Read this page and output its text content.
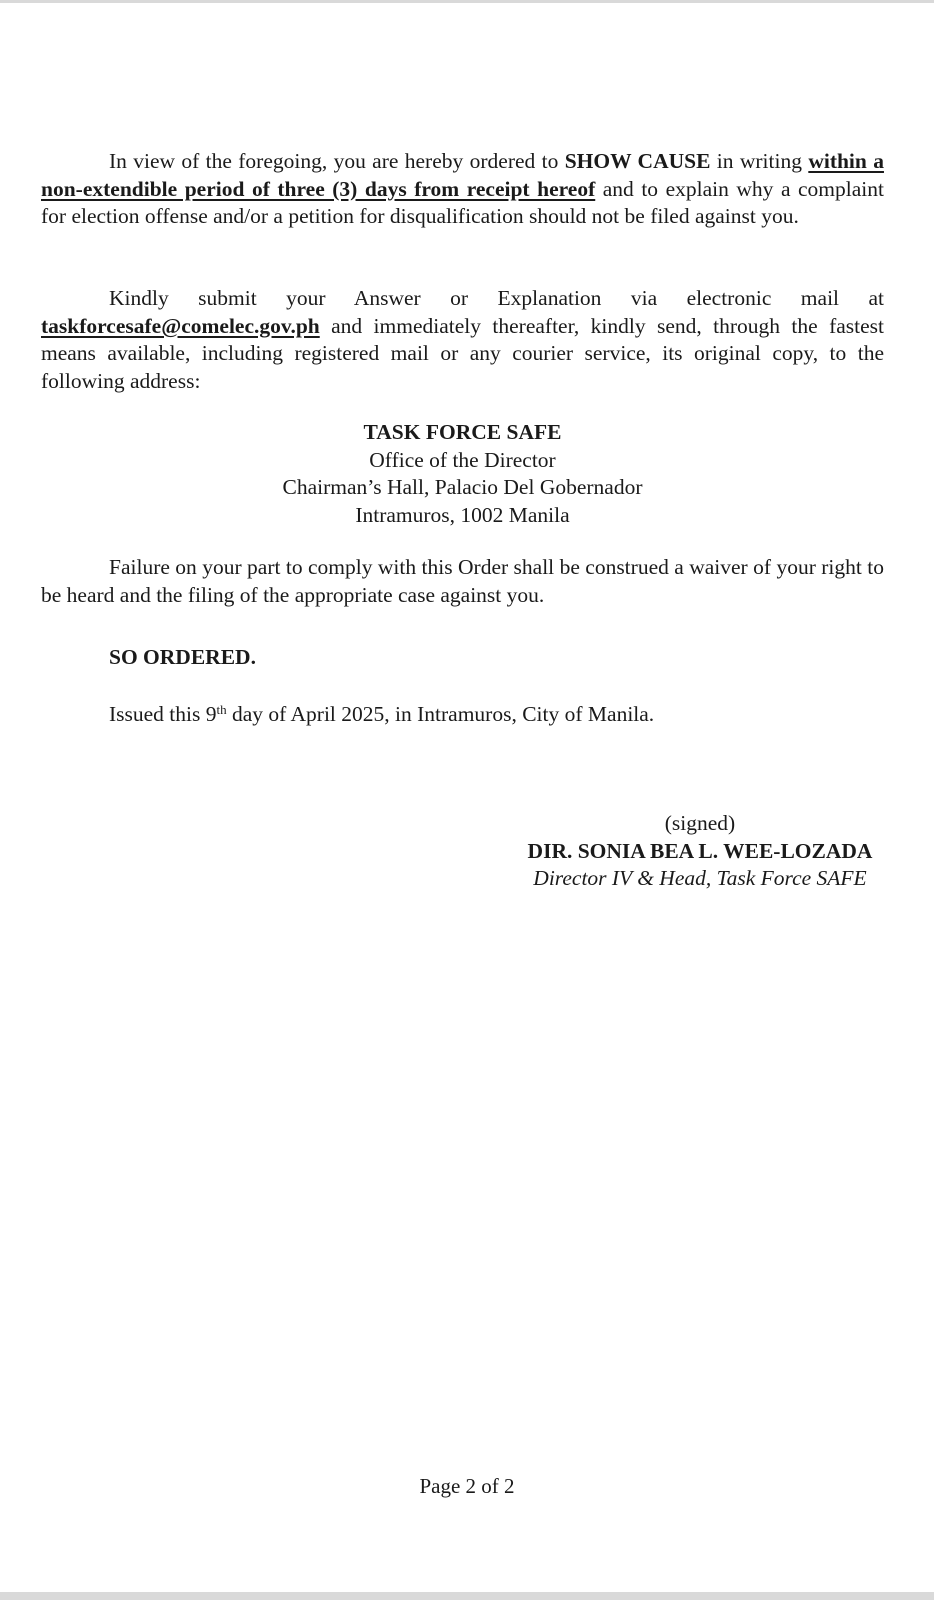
In view of the foregoing, you are hereby ordered to SHOW CAUSE in writing within a non-extendible period of three (3) days from receipt hereof and to explain why a complaint for election offense and/or a petition for disqualification should not be filed against you.

Kindly submit your Answer or Explanation via electronic mail at taskforcesafe@comelec.gov.ph and immediately thereafter, kindly send, through the fastest means available, including registered mail or any courier service, its original copy, to the following address:

TASK FORCE SAFE
Office of the Director
Chairman’s Hall, Palacio Del Gobernador
Intramuros, 1002 Manila

Failure on your part to comply with this Order shall be construed a waiver of your right to be heard and the filing of the appropriate case against you.

SO ORDERED.

Issued this 9th day of April 2025, in Intramuros, City of Manila.

(signed)
DIR. SONIA BEA L. WEE-LOZADA
Director IV & Head, Task Force SAFE
Page 2 of 2
